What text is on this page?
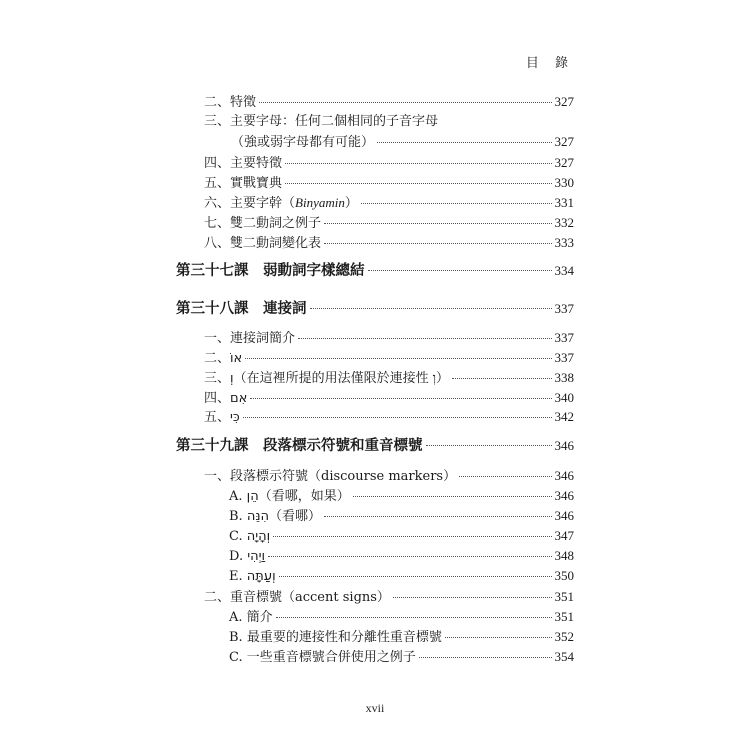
目 錄
二、特徵	327
三、主要字母：任何二個相同的子音字母
（強或弱字母都有可能）	327
四、主要特徵	327
五、實戰寶典	330
六、主要字幹（Binyamin）	331
七、雙二動詞之例子	332
八、雙二動詞變化表	333
第三十七課　弱動詞字樣總結	334
第三十八課　連接詞	337
一、連接詞簡介	337
二、אוֹ	337
三、וְ（在這裡所提的用法僅限於連接性 וְ）	338
四、אִם	340
五、כִּי	342
第三十九課　段落標示符號和重音標號	346
一、段落標示符號（discourse markers）	346
A. הֵן（看哪，如果）	346
B. הִנֵּה（看哪）	346
C. וְהָיָה	347
D. וַיְהִי	348
E. וְעַתָּה	350
二、重音標號（accent signs）	351
A. 簡介	351
B. 最重要的連接性和分離性重音標號	352
C. 一些重音標號合併使用之例子	354
xvii
